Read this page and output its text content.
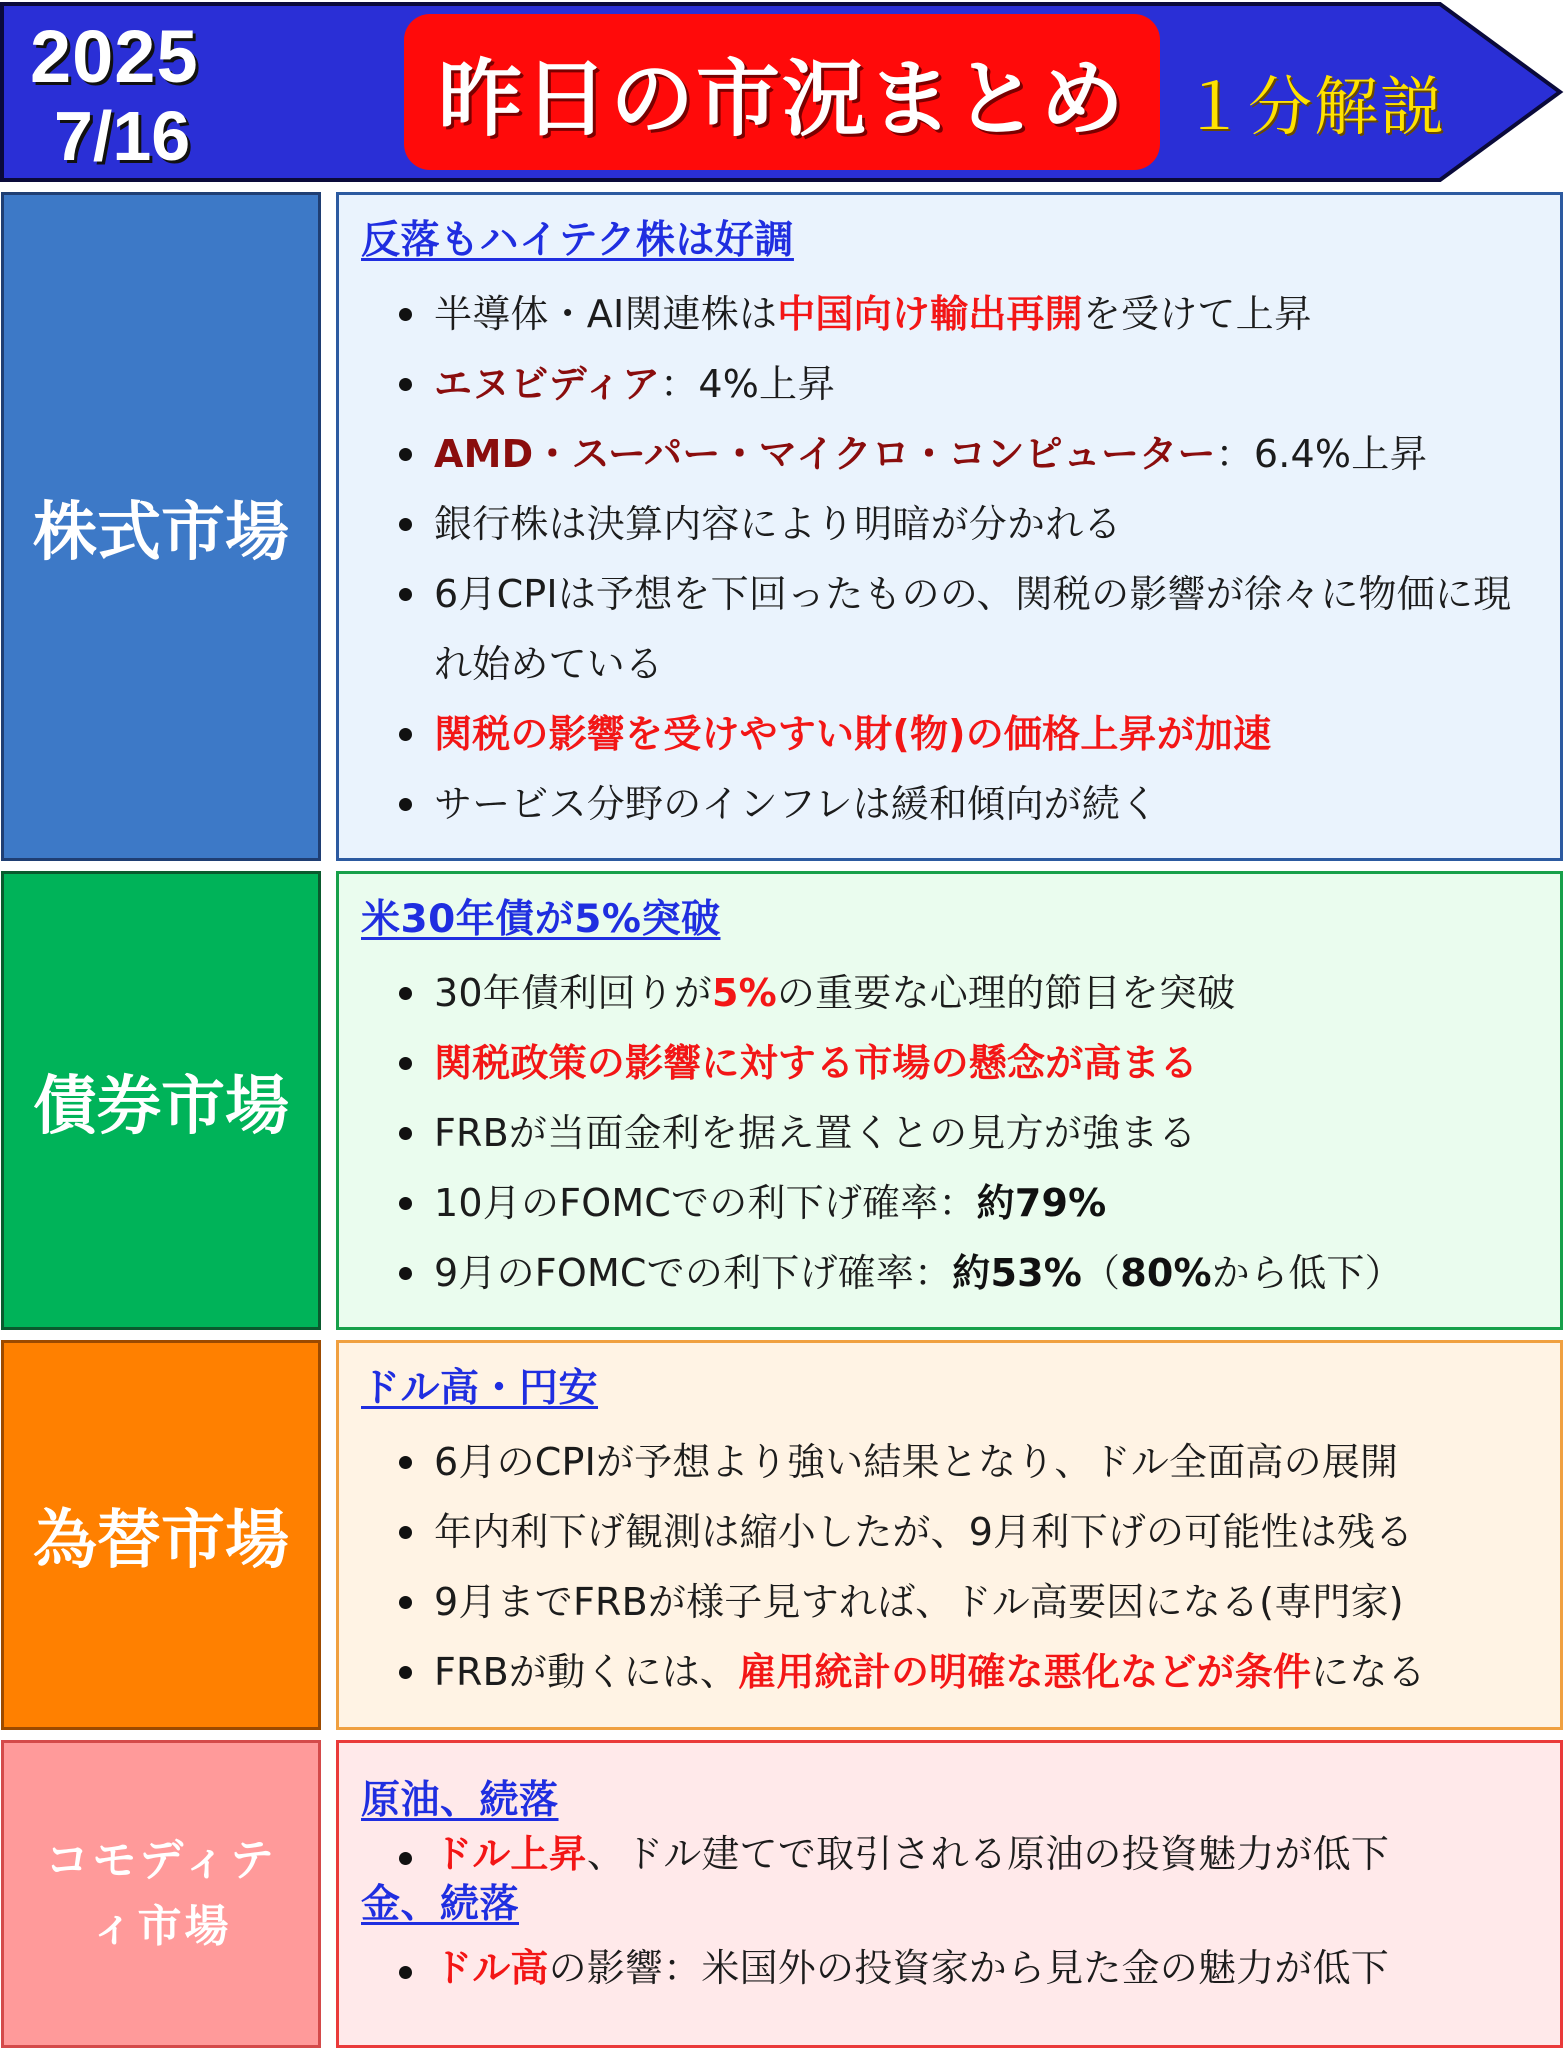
2025
7/16	昨日の市況まとめ １分解説
株式市場

反落もハイテク株は好調

半導体・AI関連株は中国向け輸出再開を受けて上昇
エヌビディア：4%上昇
AMD・スーパー・マイクロ・コンピューター：6.4%上昇
銀行株は決算内容により明暗が分かれる
6月CPIは予想を下回ったものの、関税の影響が徐々に物価に現れ始めている
関税の影響を受けやすい財(物)の価格上昇が加速
サービス分野のインフレは緩和傾向が続く
債券市場

米30年債が5%突破

30年債利回りが5%の重要な心理的節目を突破
関税政策の影響に対する市場の懸念が高まる
FRBが当面金利を据え置くとの見方が強まる
10月のFOMCでの利下げ確率：約79%
9月のFOMCでの利下げ確率：約53%（80%から低下）
為替市場

ドル高・円安

6月のCPIが予想より強い結果となり、ドル全面高の展開
年内利下げ観測は縮小したが、9月利下げの可能性は残る
9月までFRBが様子見すれば、ドル高要因になる(専門家)
FRBが動くには、雇用統計の明確な悪化などが条件になる
コモディテ
ィ市場

原油、続落

ドル上昇、ドル建てで取引される原油の投資魅力が低下

金、続落

ドル高の影響：米国外の投資家から見た金の魅力が低下
